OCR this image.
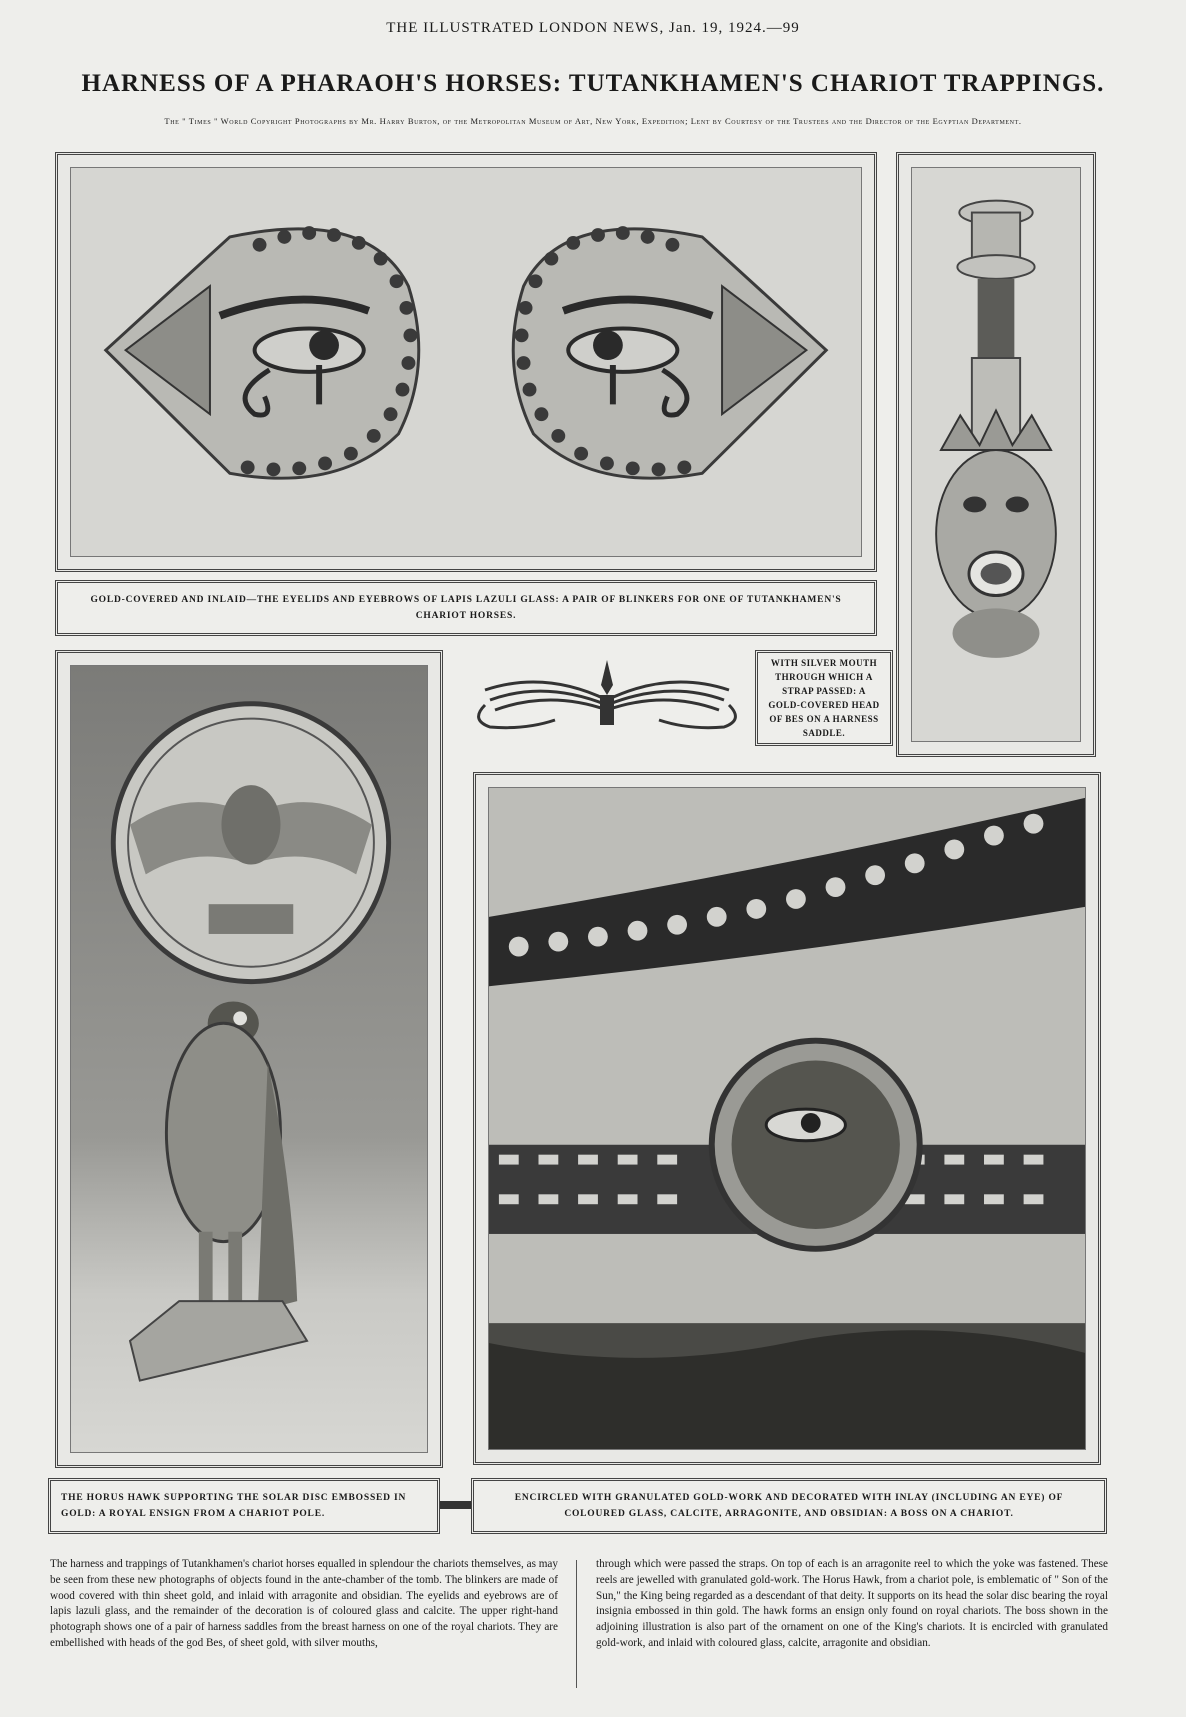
THE ILLUSTRATED LONDON NEWS, Jan. 19, 1924.—99
HARNESS OF A PHARAOH'S HORSES: TUTANKHAMEN'S CHARIOT TRAPPINGS.
The " Times " World Copyright Photographs by Mr. Harry Burton, of the Metropolitan Museum of Art, New York, Expedition; Lent by Courtesy of the Trustees and the Director of the Egyptian Department.
GOLD-COVERED AND INLAID—THE EYELIDS AND EYEBROWS OF LAPIS LAZULI GLASS: A PAIR OF BLINKERS FOR ONE OF TUTANKHAMEN'S CHARIOT HORSES.
WITH SILVER MOUTH THROUGH WHICH A STRAP PASSED: A GOLD-COVERED HEAD OF BES ON A HARNESS SADDLE.
THE HORUS HAWK SUPPORTING THE SOLAR DISC EMBOSSED IN GOLD: A ROYAL ENSIGN FROM A CHARIOT POLE.
ENCIRCLED WITH GRANULATED GOLD-WORK AND DECORATED WITH INLAY (INCLUDING AN EYE) OF COLOURED GLASS, CALCITE, ARRAGONITE, AND OBSIDIAN: A BOSS ON A CHARIOT.
The harness and trappings of Tutankhamen's chariot horses equalled in splendour the chariots themselves, as may be seen from these new photographs of objects found in the ante-chamber of the tomb. The blinkers are made of wood covered with thin sheet gold, and inlaid with arragonite and obsidian. The eyelids and eyebrows are of lapis lazuli glass, and the remainder of the decoration is of coloured glass and calcite. The upper right-hand photograph shows one of a pair of harness saddles from the breast harness on one of the royal chariots. They are embellished with heads of the god Bes, of sheet gold, with silver mouths,
through which were passed the straps. On top of each is an arragonite reel to which the yoke was fastened. These reels are jewelled with granulated gold-work. The Horus Hawk, from a chariot pole, is emblematic of " Son of the Sun," the King being regarded as a descendant of that deity. It supports on its head the solar disc bearing the royal insignia embossed in thin gold. The hawk forms an ensign only found on royal chariots. The boss shown in the adjoining illustration is also part of the ornament on one of the King's chariots. It is encircled with granulated gold-work, and inlaid with coloured glass, calcite, arragonite and obsidian.
